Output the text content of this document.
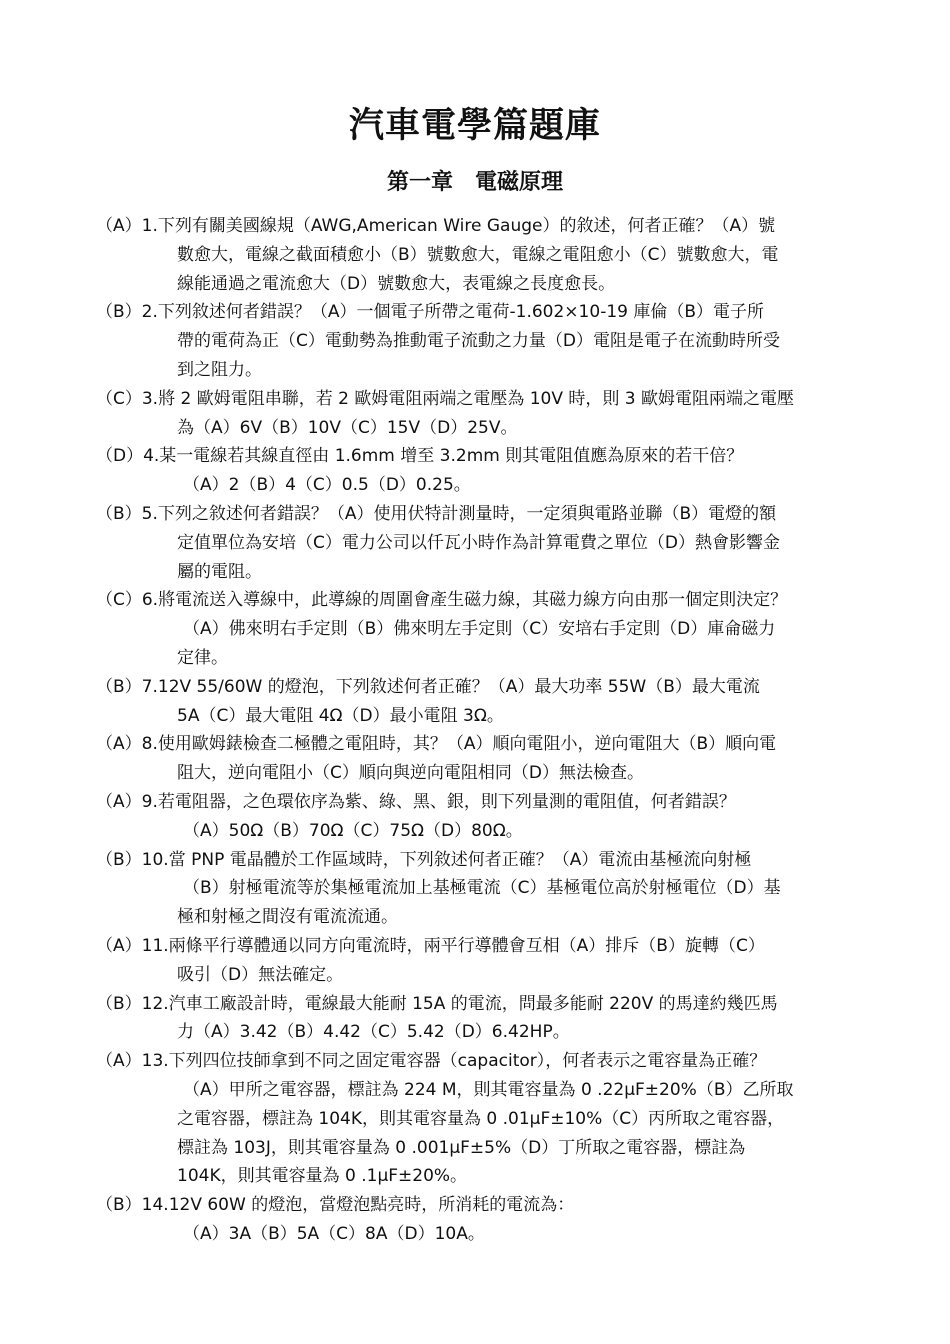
汽車電學篇題庫
第一章　電磁原理
（A）1.下列有關美國線規（AWG,American Wire Gauge）的敘述，何者正確？（A）號
數愈大，電線之截面積愈小（B）號數愈大，電線之電阻愈小（C）號數愈大，電
線能通過之電流愈大（D）號數愈大，表電線之長度愈長。
（B）2.下列敘述何者錯誤？（A）一個電子所帶之電荷-1.602×10-19 庫倫（B）電子所
帶的電荷為正（C）電動勢為推動電子流動之力量（D）電阻是電子在流動時所受
到之阻力。
（C）3.將 2 歐姆電阻串聯，若 2 歐姆電阻兩端之電壓為 10V 時，則 3 歐姆電阻兩端之電壓
為（A）6V（B）10V（C）15V（D）25V。
（D）4.某一電線若其線直徑由 1.6mm 增至 3.2mm 則其電阻值應為原來的若干倍？
（A）2（B）4（C）0.5（D）0.25。
（B）5.下列之敘述何者錯誤？（A）使用伏特計測量時，一定須與電路並聯（B）電燈的額
定值單位為安培（C）電力公司以仟瓦小時作為計算電費之單位（D）熱會影響金
屬的電阻。
（C）6.將電流送入導線中，此導線的周圍會產生磁力線，其磁力線方向由那一個定則決定？
（A）佛來明右手定則（B）佛來明左手定則（C）安培右手定則（D）庫侖磁力
定律。
（B）7.12V 55/60W 的燈泡，下列敘述何者正確？（A）最大功率 55W（B）最大電流
5A（C）最大電阻 4Ω（D）最小電阻 3Ω。
（A）8.使用歐姆錶檢查二極體之電阻時，其？（A）順向電阻小，逆向電阻大（B）順向電
阻大，逆向電阻小（C）順向與逆向電阻相同（D）無法檢查。
（A）9.若電阻器，之色環依序為紫、綠、黑、銀，則下列量測的電阻值，何者錯誤？
（A）50Ω（B）70Ω（C）75Ω（D）80Ω。
（B）10.當 PNP 電晶體於工作區域時，下列敘述何者正確？（A）電流由基極流向射極
（B）射極電流等於集極電流加上基極電流（C）基極電位高於射極電位（D）基
極和射極之間沒有電流流通。
（A）11.兩條平行導體通以同方向電流時，兩平行導體會互相（A）排斥（B）旋轉（C）
吸引（D）無法確定。
（B）12.汽車工廠設計時，電線最大能耐 15A 的電流，問最多能耐 220V 的馬達約幾匹馬
力（A）3.42（B）4.42（C）5.42（D）6.42HP。
（A）13.下列四位技師拿到不同之固定電容器（capacitor），何者表示之電容量為正確？
（A）甲所之電容器，標註為 224 M，則其電容量為 0 .22μF±20%（B）乙所取
之電容器，標註為 104K，則其電容量為 0 .01μF±10%（C）丙所取之電容器，
標註為 103J，則其電容量為 0 .001μF±5%（D）丁所取之電容器，標註為
104K，則其電容量為 0 .1μF±20%。
（B）14.12V 60W 的燈泡，當燈泡點亮時，所消耗的電流為：
（A）3A（B）5A（C）8A（D）10A。
